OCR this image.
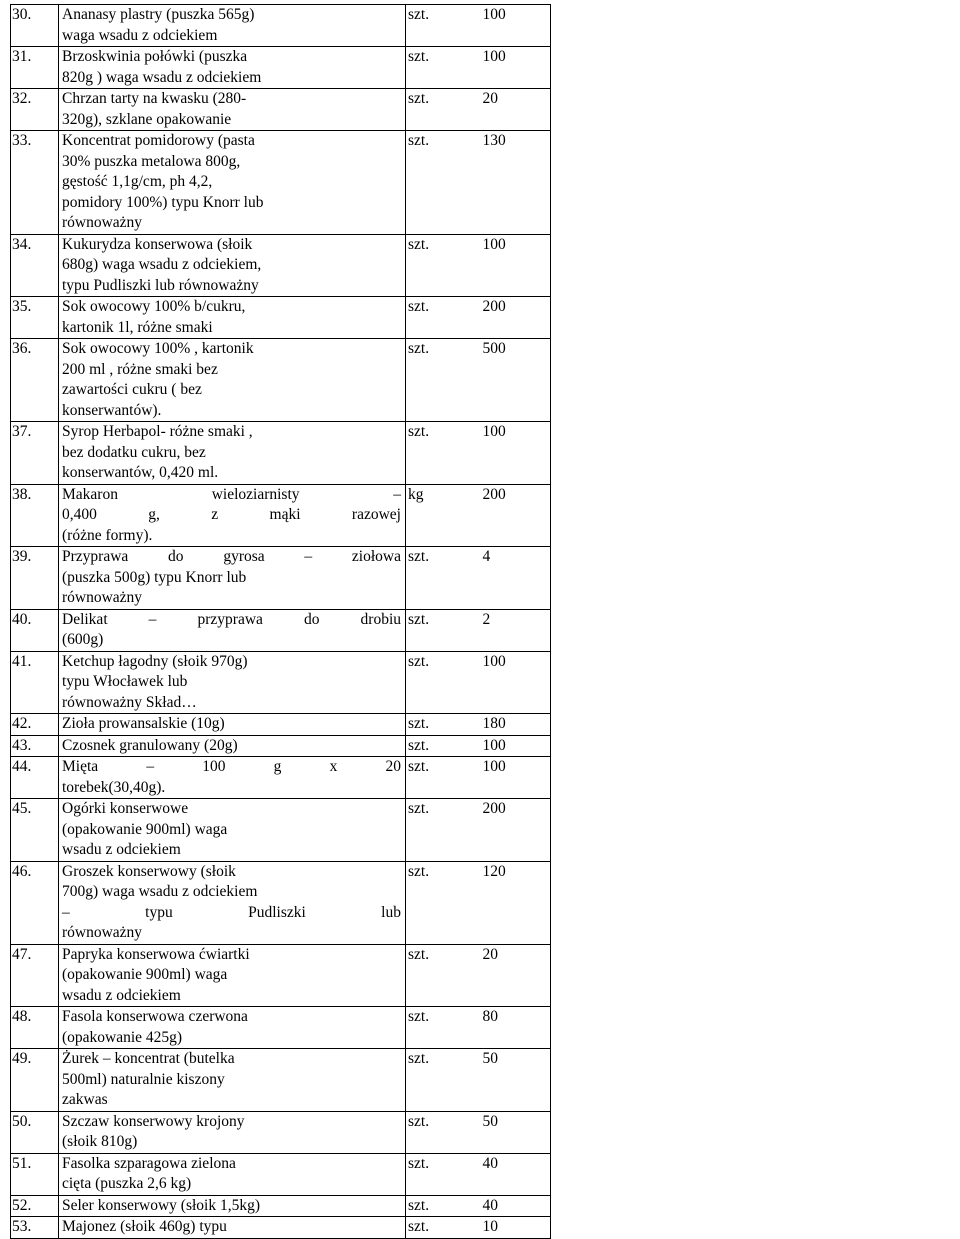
30.	Ananasy plastry (puszka 565g)
waga wsadu z odciekiem	szt.	100
31.	Brzoskwinia połówki (puszka
820g ) waga wsadu z odciekiem	szt.	100
32.	Chrzan tarty na kwasku (280-
320g), szklane opakowanie	szt.	20
33.	Koncentrat pomidorowy (pasta
30% puszka metalowa 800g,
gęstość 1,1g/cm, ph 4,2,
pomidory 100%) typu Knorr lub
równoważny	szt.	130
34.	Kukurydza konserwowa (słoik
680g) waga wsadu z odciekiem,
typu Pudliszki lub równoważny	szt.	100
35.	Sok owocowy 100% b/cukru,
kartonik 1l, różne smaki	szt.	200
36.	Sok owocowy 100% , kartonik
200 ml , różne smaki bez
zawartości cukru ( bez
konserwantów).	szt.	500
37.	Syrop Herbapol- różne smaki ,
bez dodatku cukru, bez
konserwantów, 0,420 ml.	szt.	100
38.	Makaron wieloziarnisty –
0,400 g, z mąki razowej
(różne formy).	kg	200
39.	Przyprawa do gyrosa – ziołowa
(puszka 500g) typu Knorr lub
równoważny	szt.	4
40.	Delikat – przyprawa do drobiu
(600g)	szt.	2
41.	Ketchup łagodny (słoik 970g)
typu Włocławek lub
równoważny Skład…	szt.	100
42.	Zioła prowansalskie (10g)	szt.	180
43.	Czosnek granulowany (20g)	szt.	100
44.	Mięta – 100 g x 20
torebek(30,40g).	szt.	100
45.	Ogórki konserwowe
(opakowanie 900ml) waga
wsadu z odciekiem	szt.	200
46.	Groszek konserwowy (słoik
700g) waga wsadu z odciekiem
– typu Pudliszki lub
równoważny	szt.	120
47.	Papryka konserwowa ćwiartki
(opakowanie 900ml) waga
wsadu z odciekiem	szt.	20
48.	Fasola konserwowa czerwona
(opakowanie 425g)	szt.	80
49.	Żurek – koncentrat (butelka
500ml) naturalnie kiszony
zakwas	szt.	50
50.	Szczaw konserwowy krojony
(słoik 810g)	szt.	50
51.	Fasolka szparagowa zielona
cięta (puszka 2,6 kg)	szt.	40
52.	Seler konserwowy (słoik 1,5kg)	szt.	40
53.	Majonez (słoik 460g) typu	szt.	10
